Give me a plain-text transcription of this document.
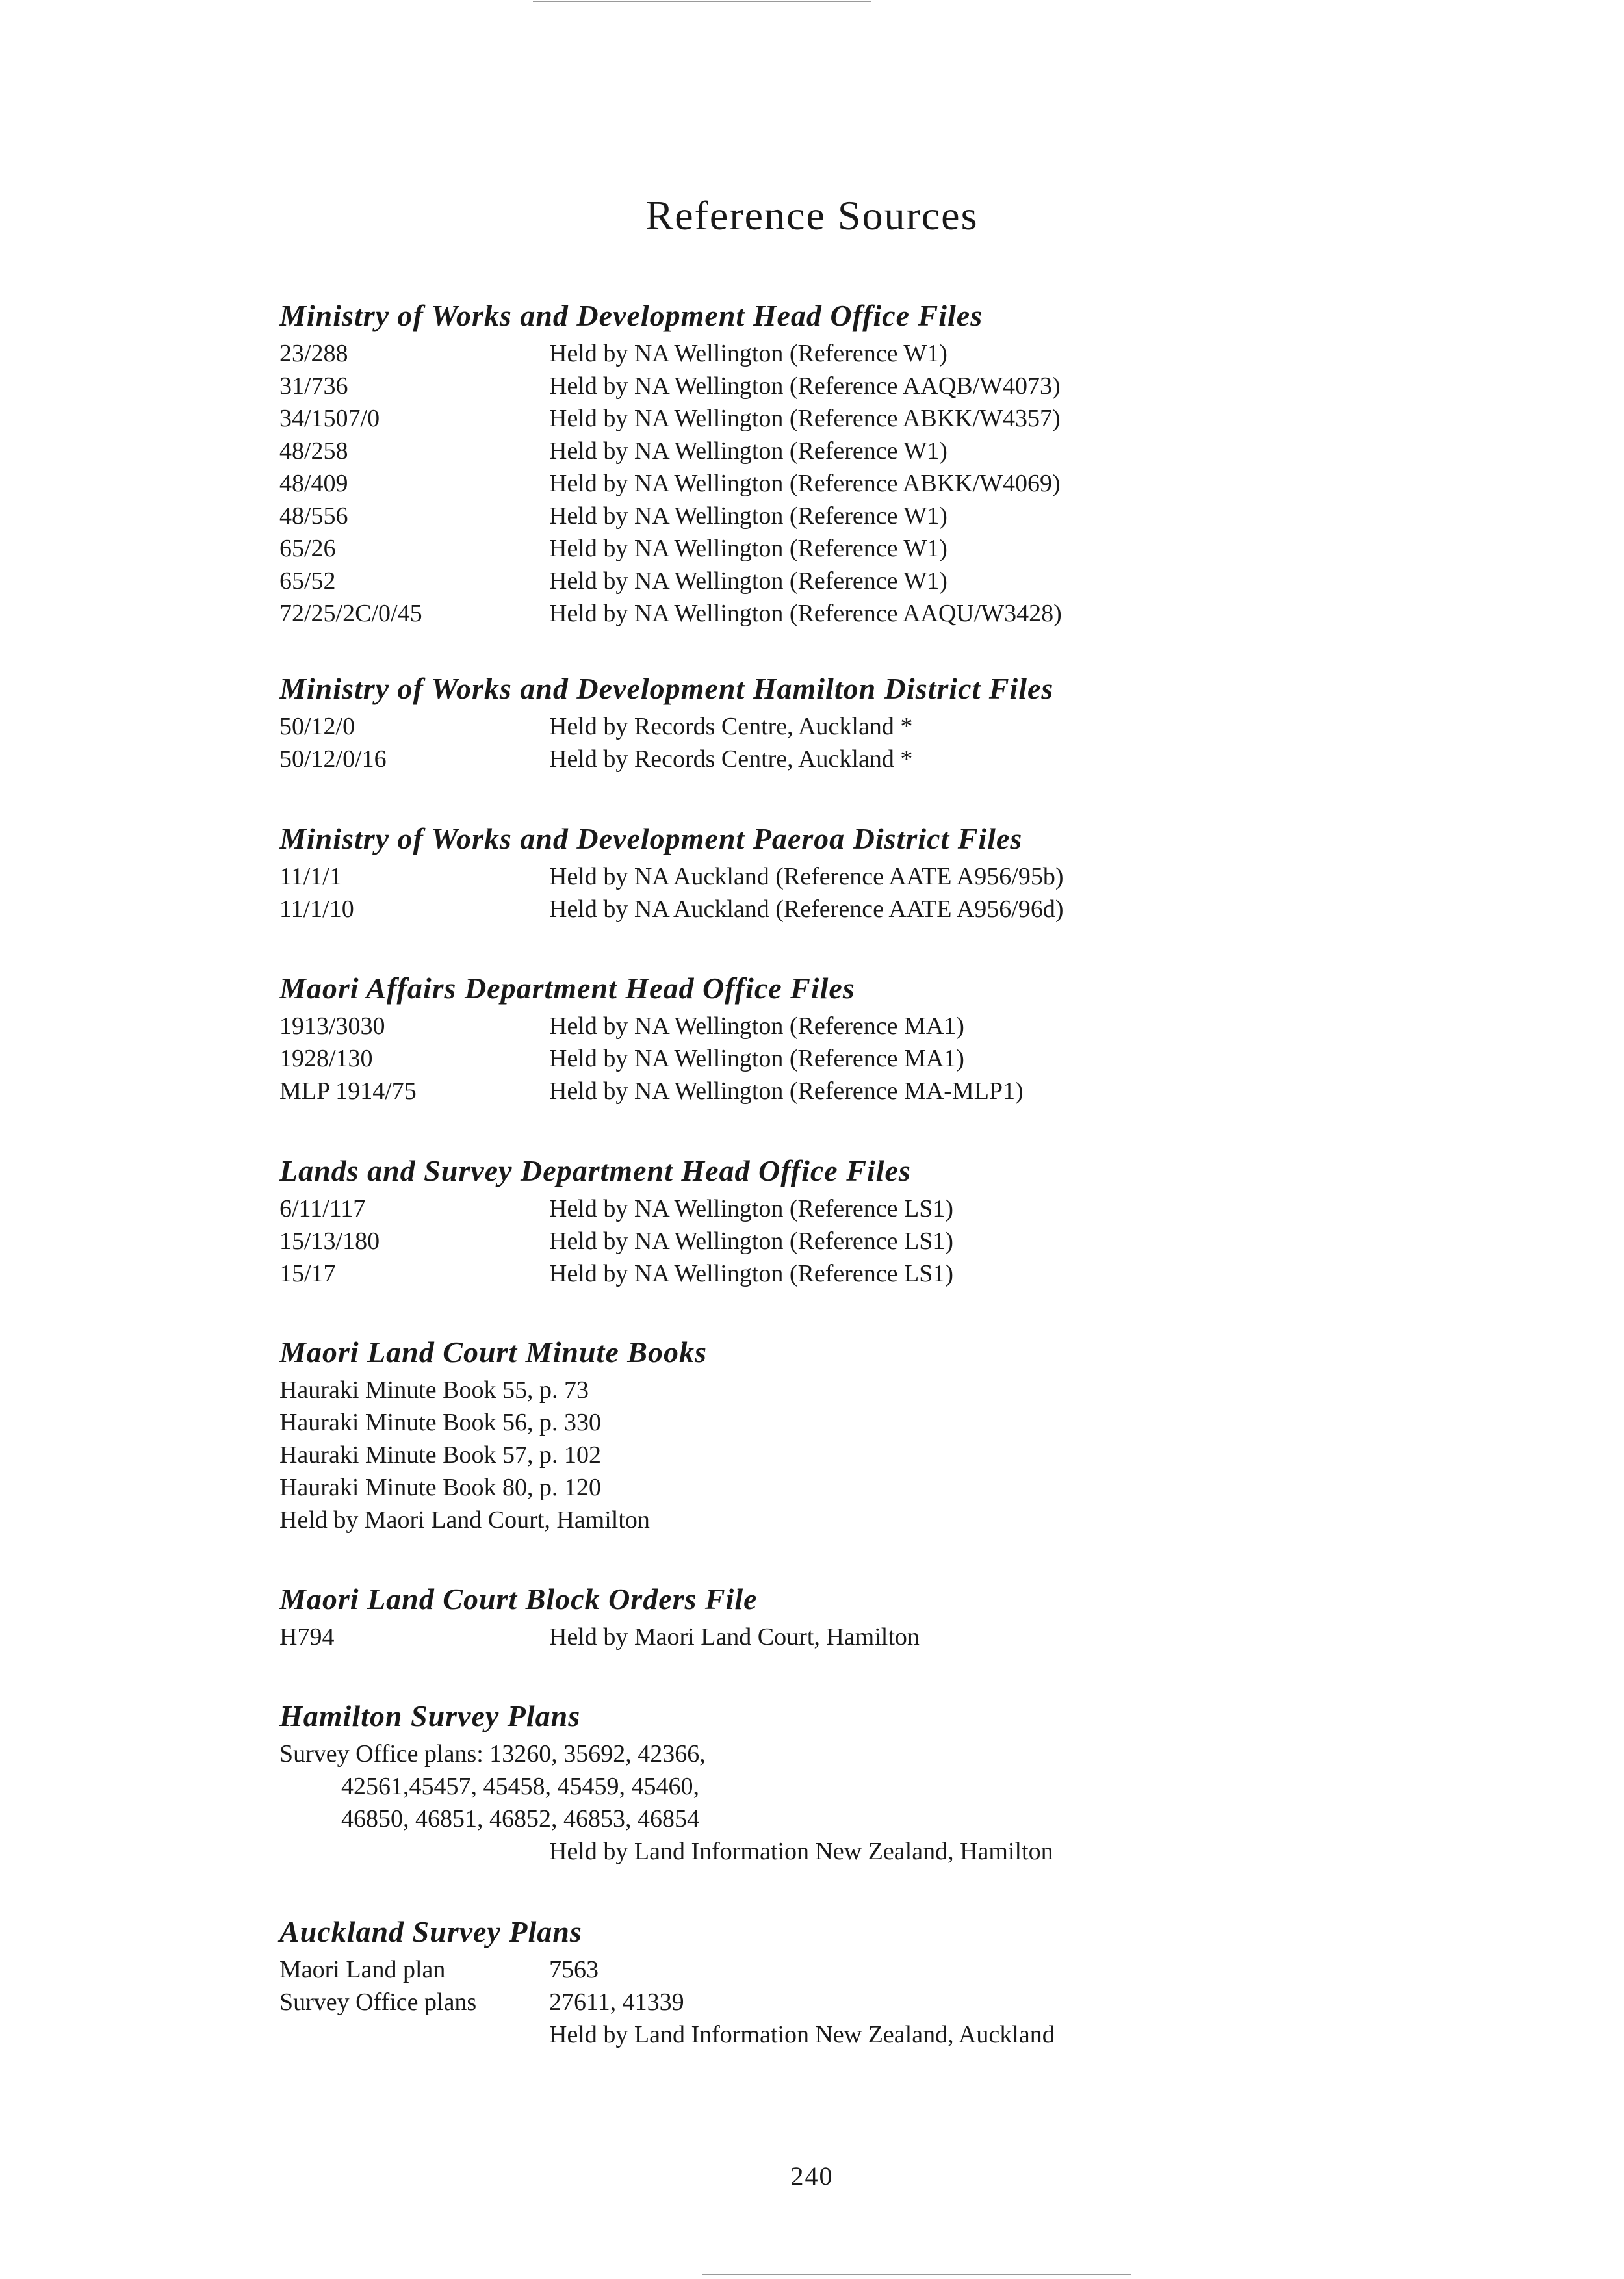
Reference Sources
Ministry of Works and Development Head Office Files
23/288	Held by NA Wellington (Reference W1)
31/736	Held by NA Wellington (Reference AAQB/W4073)
34/1507/0	Held by NA Wellington (Reference ABKK/W4357)
48/258	Held by NA Wellington (Reference W1)
48/409	Held by NA Wellington (Reference ABKK/W4069)
48/556	Held by NA Wellington (Reference W1)
65/26	Held by NA Wellington (Reference W1)
65/52	Held by NA Wellington (Reference W1)
72/25/2C/0/45	Held by NA Wellington (Reference AAQU/W3428)
Ministry of Works and Development Hamilton District Files
50/12/0	Held by Records Centre, Auckland *
50/12/0/16	Held by Records Centre, Auckland *
Ministry of Works and Development Paeroa District Files
11/1/1	Held by NA Auckland (Reference AATE A956/95b)
11/1/10	Held by NA Auckland (Reference AATE A956/96d)
Maori Affairs Department Head Office Files
1913/3030	Held by NA Wellington (Reference MA1)
1928/130	Held by NA Wellington (Reference MA1)
MLP 1914/75	Held by NA Wellington (Reference MA-MLP1)
Lands and Survey Department Head Office Files
6/11/117	Held by NA Wellington (Reference LS1)
15/13/180	Held by NA Wellington (Reference LS1)
15/17	Held by NA Wellington (Reference LS1)
Maori Land Court Minute Books
Hauraki Minute Book 55, p. 73
Hauraki Minute Book 56, p. 330
Hauraki Minute Book 57, p. 102
Hauraki Minute Book 80, p. 120
Held by Maori Land Court, Hamilton
Maori Land Court Block Orders File
H794	Held by Maori Land Court, Hamilton
Hamilton Survey Plans
Survey Office plans: 13260, 35692, 42366,
42561,45457, 45458, 45459, 45460,
46850, 46851, 46852, 46853, 46854
Held by Land Information New Zealand, Hamilton
Auckland Survey Plans
Maori Land plan	7563
Survey Office plans	27611, 41339
Held by Land Information New Zealand, Auckland
240
